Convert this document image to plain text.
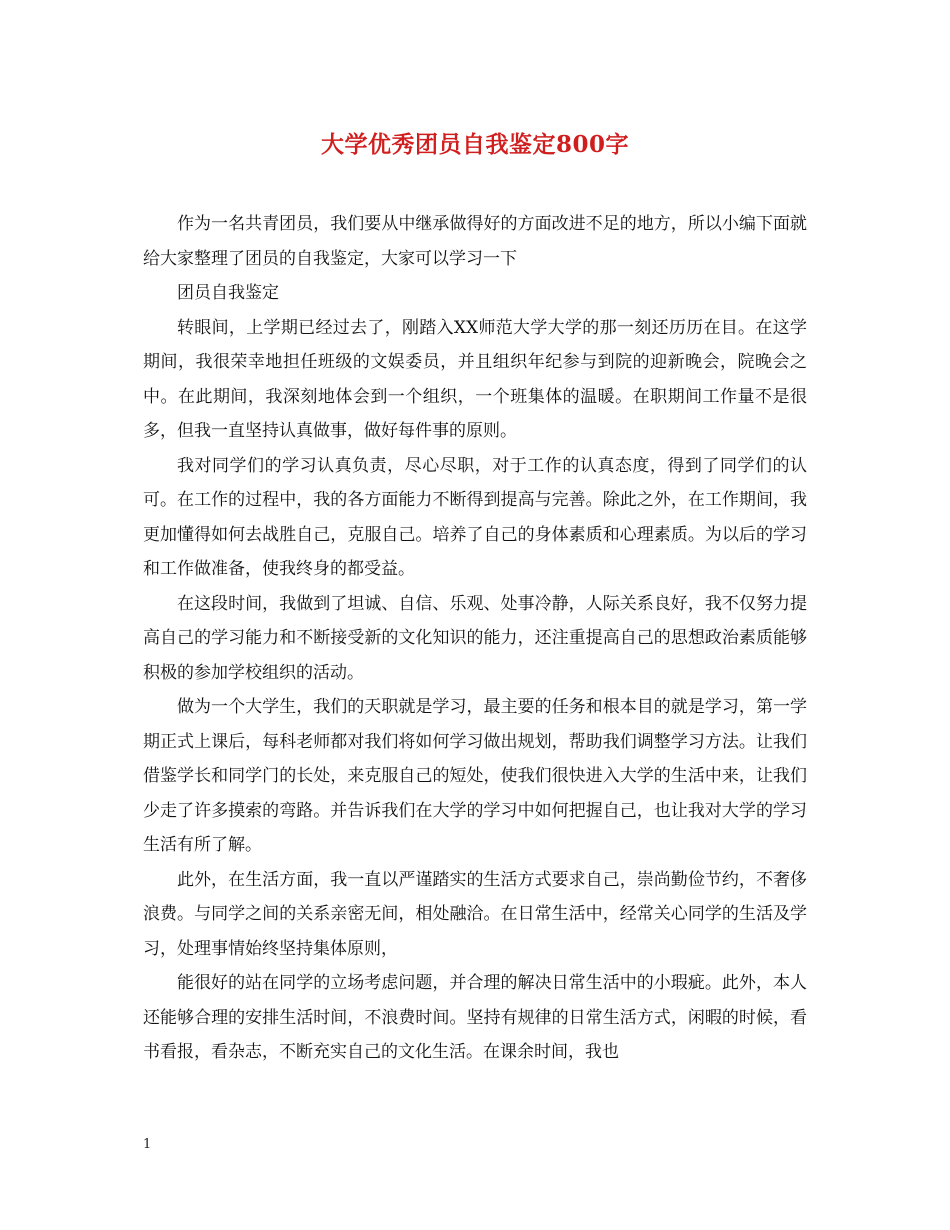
大学优秀团员自我鉴定800字

作为一名共青团员，我们要从中继承做得好的方面改进不足的地方，所以小编下面就给大家整理了团员的自我鉴定，大家可以学习一下

团员自我鉴定

转眼间，上学期已经过去了，刚踏入XX师范大学大学的那一刻还历历在目。在这学期间，我很荣幸地担任班级的文娱委员，并且组织年纪参与到院的迎新晚会，院晚会之中。在此期间，我深刻地体会到一个组织，一个班集体的温暖。在职期间工作量不是很多，但我一直坚持认真做事，做好每件事的原则。

我对同学们的学习认真负责，尽心尽职，对于工作的认真态度，得到了同学们的认可。在工作的过程中，我的各方面能力不断得到提高与完善。除此之外，在工作期间，我更加懂得如何去战胜自己，克服自己。培养了自己的身体素质和心理素质。为以后的学习和工作做准备，使我终身的都受益。

在这段时间，我做到了坦诚、自信、乐观、处事冷静，人际关系良好，我不仅努力提高自己的学习能力和不断接受新的文化知识的能力，还注重提高自己的思想政治素质能够积极的参加学校组织的活动。

做为一个大学生，我们的天职就是学习，最主要的任务和根本目的就是学习，第一学期正式上课后，每科老师都对我们将如何学习做出规划，帮助我们调整学习方法。让我们借鉴学长和同学门的长处，来克服自己的短处，使我们很快进入大学的生活中来，让我们少走了许多摸索的弯路。并告诉我们在大学的学习中如何把握自己，也让我对大学的学习生活有所了解。

此外，在生活方面，我一直以严谨踏实的生活方式要求自己，崇尚勤俭节约，不奢侈浪费。与同学之间的关系亲密无间，相处融洽。在日常生活中，经常关心同学的生活及学习，处理事情始终坚持集体原则，

能很好的站在同学的立场考虑问题，并合理的解决日常生活中的小瑕疵。此外，本人还能够合理的安排生活时间，不浪费时间。坚持有规律的日常生活方式，闲暇的时候，看书看报，看杂志，不断充实自己的文化生活。在课余时间，我也

1
